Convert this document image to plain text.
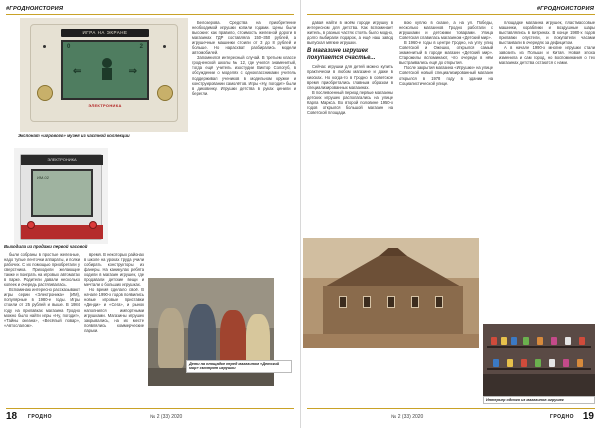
#ГРОДНОИСТОРИЯ
ИГРА НА ЭКРАНЕ
0	2
⇐	⇒
ЭЛЕКТРОНИКА
Экспонат «игрового» музея из частной коллекции
ЭЛЕКТРОНИКА
ИМ-02

Белозерова. Средства на приобретение необходимой игрушки копили годами. Цены были высокие: как правило, стоимость железной дороги в магазинах ГДР составляла 150–350 рублей, а игрушечные машинки стоили от 3 до 8 рублей и больше. Но нарасхват разбирались модели автомобилей.

Запомнился интересный случай. В третьем классе гродненской школы № 12, где учился знаменитый, тогда ещё учитель изостудии Виктор Сологуб, в обсуждении о моделях с одноклассниками учитель поддерживал учеников в модельном кружке и конструировании самолётов. Игры «Ну, погоди!» были в диковинку. Игрушки детства в руках ценили и берегли.

Выходила из продажи первой часовой

были собраны в простые железные, надо тупые ленточки аппараты, и полки рабочих. С их помощью приобретали у сверстника. Приходили желающие также и поиграть на игровых автоматах в парке. Родители давали несколько копеек и очередь растягивалась.

Вспоминаю интересно рассказывают игры серии «Электроника» (ИМ), популярные в 1980-е годы. Игры стоили от 25 рублей и выше. В 1984 году на прилавках магазина Гродно можно было найти игры «Ну, погоди!», «Тайны океана», «Весёлый повар», «Автослалом».

время. В некоторых районах в школе на уроках труда учили собирать конструкторы из фанеры. На каникулах ребята ходили в магазин игрушек, где продавали детские вещи и мечтали о больших игрушках.

Но время сделало своё. В начале 1990-х годов появились новые игровые приставки «Денди» и «Сега», и рынок наполнился импортными игрушками. Магазины игрушек закрывались, на их месте появлялись коммерческие ларьки.

Дети на площадке перед магазином «Детский мир» смотрят игрушки
18 ГРОДНО	№ 2 (33) 2020
#ГРОДНОИСТОРИЯ

давая найти в моём городе игрушку в интересном для детства. Как вспоминает житель, в разных частях стоять было модно, долго выбирали подарок, а ещё наш завод выпускал мягкие игрушки.

В магазине игрушек покупается счастье...

Сейчас игрушки для детей можно купить практически в любом магазине и даже в киосках. Но когда-то в Гродно в советское время приобретались главным образом в специализированных магазинах.

В послевоенный период первые магазины детских игрушек располагались на улице Карла Маркса. Во второй половине 1950-х годов открылся большой магазин на Советской площади.

вою куплю в сказке, а на ул. Победы, несколько магазинов Гродно работали с игрушками и детскими товарами. Улица Советская славилась магазином «Детский мир».

В 1960-е годы в центре Гродно, на углу улиц Советской и Ожешко, открылся самый знаменитый в городе магазин «Детский мир». Старожилы вспоминают, что очереди в нём выстраивались ещё до открытия.

После закрытия магазина «Игрушки» на улице Советской новый специализированный магазин открылся в 1978 году в здании на Социалистической улице.

площадке магазина игрушек, пластмассовые машинки, кораблики и воздушные шары выставлялись в витринах. В конце 1980-х годов прилавки опустели, и покупатели часами выстаивали в очередях за дефицитом.

А в начале 1990-х многие игрушки стали завозить из Польши и Китая. Новая эпоха изменила и сам город, но воспоминания о тех магазинах детства остаются с нами.

Интерьер одного из магазинов игрушек
19
ГРОДНО
№ 2 (33) 2020
